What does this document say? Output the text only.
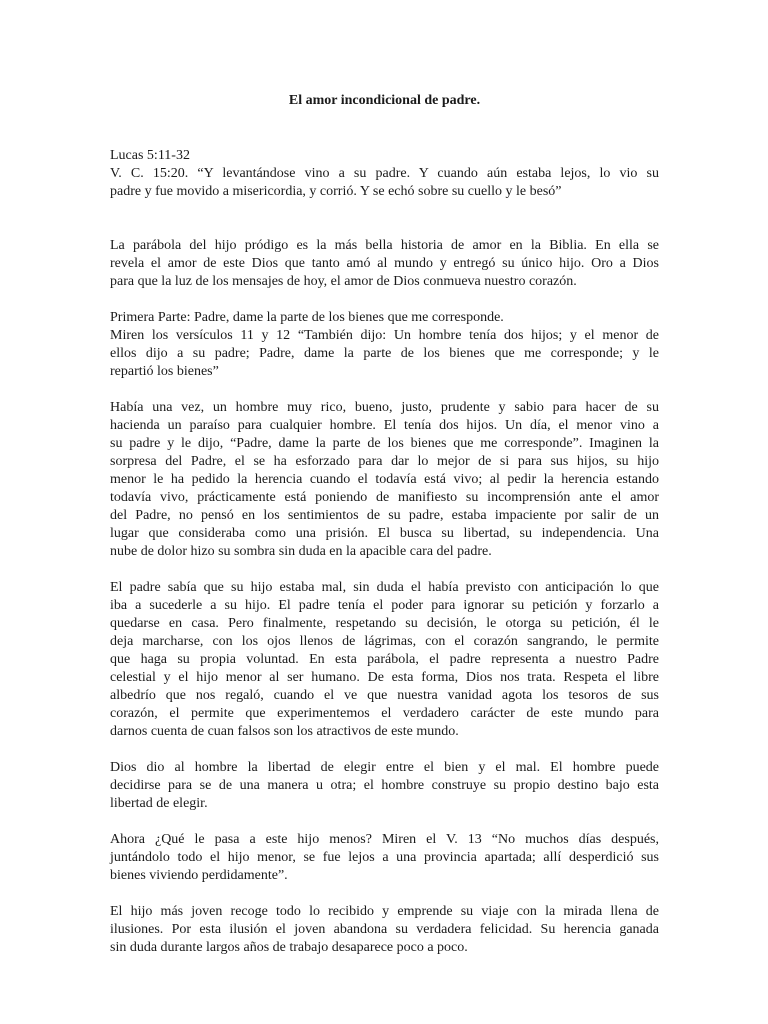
El amor incondicional de padre.

Lucas 5:11-32

V. C. 15:20. “Y levantándose vino a su padre. Y cuando aún estaba lejos, lo vio su
padre y fue movido a misericordia, y corrió. Y se echó sobre su cuello y le besó”

La parábola del hijo pródigo es la más bella historia de amor en la Biblia. En ella se
revela el amor de este Dios que tanto amó al mundo y entregó su único hijo. Oro a Dios
para que la luz de los mensajes de hoy, el amor de Dios conmueva nuestro corazón.

Primera Parte: Padre, dame la parte de los bienes que me corresponde.

Miren los versículos 11 y 12 “También dijo: Un hombre tenía dos hijos; y el menor de
ellos dijo a su padre; Padre, dame la parte de los bienes que me corresponde; y le
repartió los bienes”

Había una vez, un hombre muy rico, bueno, justo, prudente y sabio para hacer de su
hacienda un paraíso para cualquier hombre. El tenía dos hijos. Un día, el menor vino a
su padre y le dijo, “Padre, dame la parte de los bienes que me corresponde”. Imaginen la
sorpresa del Padre, el se ha esforzado para dar lo mejor de si para sus hijos, su hijo
menor le ha pedido la herencia cuando el todavía está vivo; al pedir la herencia estando
todavía vivo, prácticamente está poniendo de manifiesto su incomprensión ante el amor
del Padre, no pensó en los sentimientos de su padre, estaba impaciente por salir de un
lugar que consideraba como una prisión. El busca su libertad, su independencia. Una
nube de dolor hizo su sombra sin duda en la apacible cara del padre.

El padre sabía que su hijo estaba mal, sin duda el había previsto con anticipación lo que
iba a sucederle a su hijo. El padre tenía el poder para ignorar su petición y forzarlo a
quedarse en casa. Pero finalmente, respetando su decisión, le otorga su petición, él le
deja marcharse, con los ojos llenos de lágrimas, con el corazón sangrando, le permite
que haga su propia voluntad. En esta parábola, el padre representa a nuestro Padre
celestial y el hijo menor al ser humano. De esta forma, Dios nos trata. Respeta el libre
albedrío que nos regaló, cuando el ve que nuestra vanidad agota los tesoros de sus
corazón, el permite que experimentemos el verdadero carácter de este mundo para
darnos cuenta de cuan falsos son los atractivos de este mundo.

Dios dio al hombre la libertad de elegir entre el bien y el mal. El hombre puede
decidirse para se de una manera u otra; el hombre construye su propio destino bajo esta
libertad de elegir.

Ahora ¿Qué le pasa a este hijo menos? Miren el V. 13 “No muchos días después,
juntándolo todo el hijo menor, se fue lejos a una provincia apartada; allí desperdició sus
bienes viviendo perdidamente”.

El hijo más joven recoge todo lo recibido y emprende su viaje con la mirada llena de
ilusiones. Por esta ilusión el joven abandona su verdadera felicidad. Su herencia ganada
sin duda durante largos años de trabajo desaparece poco a poco.
